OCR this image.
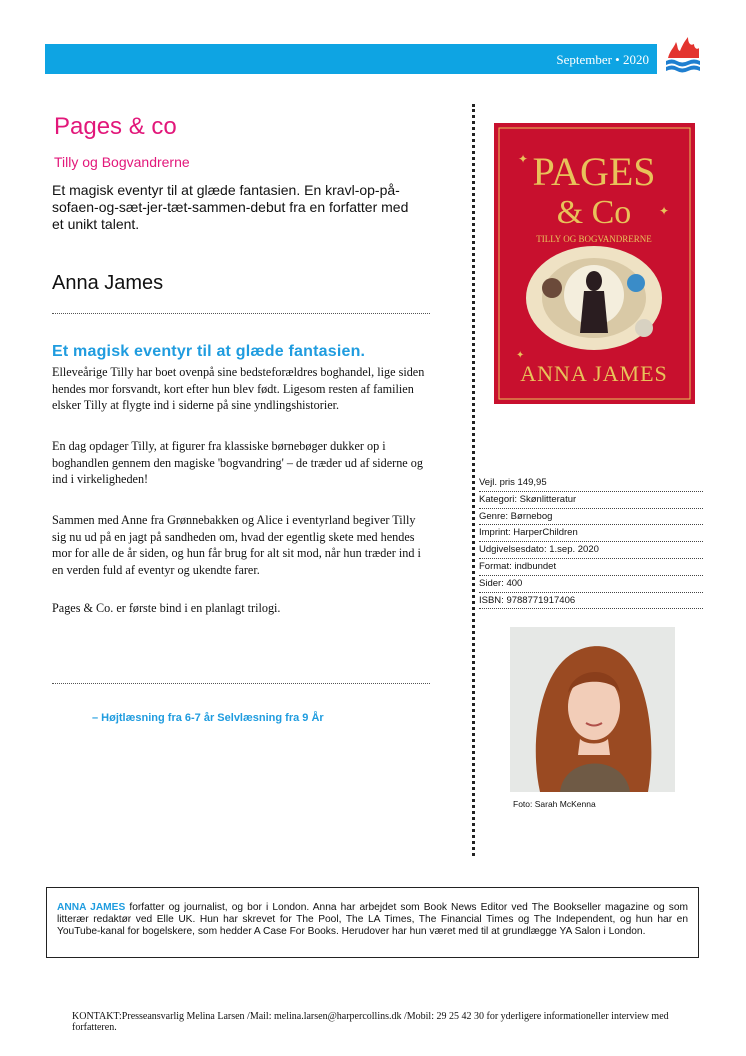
September • 2020
Pages & co
Tilly og Bogvandrerne
Et magisk eventyr til at glæde fantasien. En kravl-op-på-sofaen-og-sæt-jer-tæt-sammen-debut fra en forfatter med et unikt talent.
Anna James
Et magisk eventyr til at glæde fantasien.
Elleveårige Tilly har boet ovenpå sine bedsteforældres boghandel, lige siden hendes mor forsvandt, kort efter hun blev født. Ligesom resten af familien elsker Tilly at flygte ind i siderne på sine yndlingshistorier.
En dag opdager Tilly, at figurer fra klassiske børnebøger dukker op i boghandlen gennem den magiske 'bogvandring' – de træder ud af siderne og ind i virkeligheden!
Sammen med Anne fra Grønnebakken og Alice i eventyrland begiver Tilly sig nu ud på en jagt på sandheden om, hvad der egentlig skete med hendes mor for alle de år siden, og hun får brug for alt sit mod, når hun træder ind i en verden fuld af eventyr og ukendte farer.
Pages & Co. er første bind i en planlagt trilogi.
– Højtlæsning fra 6-7 år Selvlæsning fra 9 År
PAGES
& Co
TILLY OG BOGVANDRERNE
ANNA JAMES
✦
✦
✦
Vejl. pris 149,95
Kategori: Skønlitteratur
Genre: Børnebog
Imprint: HarperChildren
Udgivelsesdato: 1.sep. 2020
Format: indbundet
Sider: 400
ISBN: 9788771917406
Foto: Sarah McKenna
ANNA JAMES forfatter og journalist, og bor i London. Anna har arbejdet som Book News Editor ved The Bookseller magazine og som litterær redaktør ved Elle UK. Hun har skrevet for The Pool, The LA Times, The Financial Times og The Independent, og hun har en YouTube-kanal for bogelskere, som hedder A Case For Books. Herudover har hun været med til at grundlægge YA Salon i London.
KONTAKT:Presseansvarlig Melina Larsen /Mail: melina.larsen@harpercollins.dk /Mobil: 29 25 42 30 for yderligere informationeller interview med forfatteren.
